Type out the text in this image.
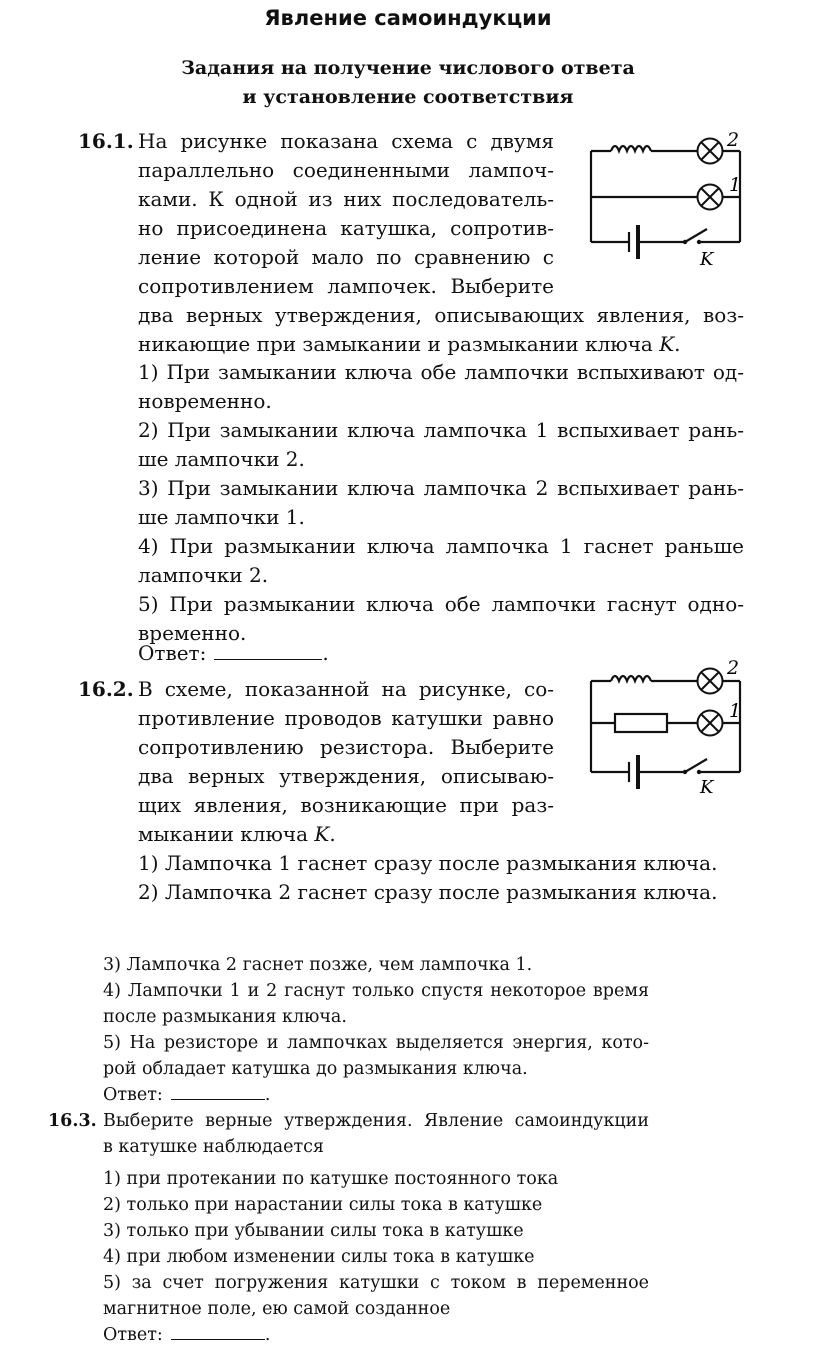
Явление самоиндукции
Задания на получение числового ответа
и установление соответствия
16.1. На рисунке показана схема с двумя
параллельно соединенными лампоч-
ками. К одной из них последователь-
но присоединена катушка, сопротив-
ление которой мало по сравнению с
сопротивлением лампочек. Выберите
два верных утверждения, описывающих явления, воз-
никающие при замыкании и размыкании ключа K.
2
1
K
1) При замыкании ключа обе лампочки вспыхивают од-
новременно.
2) При замыкании ключа лампочка 1 вспыхивает рань-
ше лампочки 2.
3) При замыкании ключа лампочка 2 вспыхивает рань-
ше лампочки 1.
4) При размыкании ключа лампочка 1 гаснет раньше
лампочки 2.
5) При размыкании ключа обе лампочки гаснут одно-
временно.
Ответ:	.
16.2. В схеме, показанной на рисунке, со-
противление проводов катушки равно
сопротивлению резистора. Выберите
два верных утверждения, описываю-
щих явления, возникающие при раз-
мыкании ключа K.
2
1
K
1) Лампочка 1 гаснет сразу после размыкания ключа.
2) Лампочка 2 гаснет сразу после размыкания ключа.
3) Лампочка 2 гаснет позже, чем лампочка 1.
4) Лампочки 1 и 2 гаснут только спустя некоторое время
после размыкания ключа.
5) На резисторе и лампочках выделяется энергия, кото-
рой обладает катушка до размыкания ключа.
Ответ:	.
16.3. Выберите верные утверждения. Явление самоиндукции
в катушке наблюдается
1) при протекании по катушке постоянного тока
2) только при нарастании силы тока в катушке
3) только при убывании силы тока в катушке
4) при любом изменении силы тока в катушке
5) за счет погружения катушки с током в переменное
магнитное поле, ею самой созданное
Ответ:	.
